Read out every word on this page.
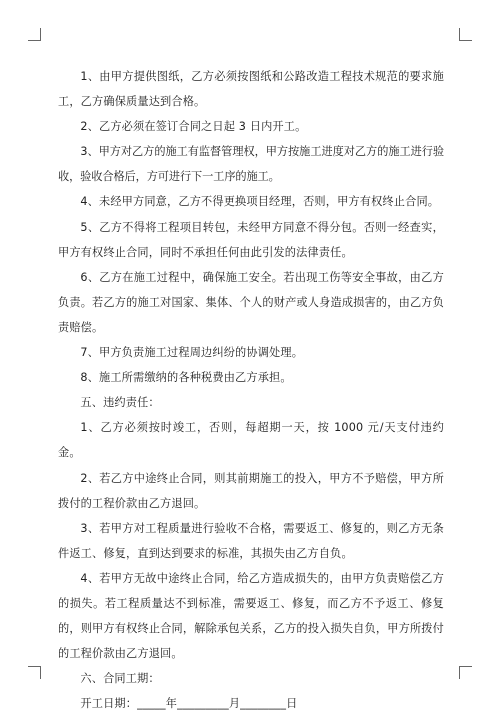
1、由甲方提供图纸，乙方必须按图纸和公路改造工程技术规范的要求施工，乙方确保质量达到合格。

2、乙方必须在签订合同之日起 3 日内开工。

3、甲方对乙方的施工有监督管理权，甲方按施工进度对乙方的施工进行验收，验收合格后，方可进行下一工序的施工。

4、未经甲方同意，乙方不得更换项目经理，否则，甲方有权终止合同。

5、乙方不得将工程项目转包，未经甲方同意不得分包。否则一经查实，甲方有权终止合同，同时不承担任何由此引发的法律责任。

6、乙方在施工过程中，确保施工安全。若出现工伤等安全事故，由乙方负责。若乙方的施工对国家、集体、个人的财产或人身造成损害的，由乙方负责赔偿。

7、甲方负责施工过程周边纠纷的协调处理。

8、施工所需缴纳的各种税费由乙方承担。

五、违约责任：

1、乙方必须按时竣工，否则，每超期一天，按 1000 元/天支付违约金。

2、若乙方中途终止合同，则其前期施工的投入，甲方不予赔偿，甲方所拨付的工程价款由乙方退回。

3、若甲方对工程质量进行验收不合格，需要返工、修复的，则乙方无条件返工、修复，直到达到要求的标准，其损失由乙方自负。

4、若甲方无故中途终止合同，给乙方造成损失的，由甲方负责赔偿乙方的损失。若工程质量达不到标准，需要返工、修复，而乙方不予返工、修复的，则甲方有权终止合同，解除承包关系，乙方的投入损失自负，甲方所拨付的工程价款由乙方退回。

六、合同工期：

开工日期：_____年_________月________日
